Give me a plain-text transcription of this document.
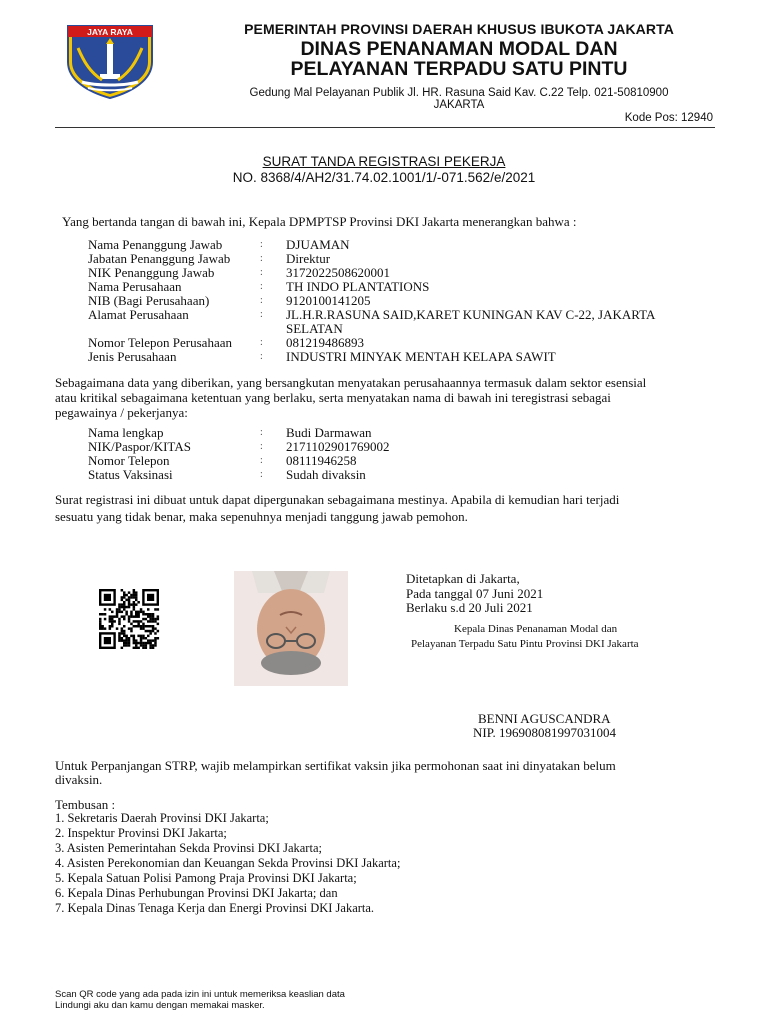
JAYA RAYA	PEMERINTAH PROVINSI DAERAH KHUSUS IBUKOTA JAKARTA
DINAS PENANAMAN MODAL DAN
PELAYANAN TERPADU SATU PINTU
Gedung Mal Pelayanan Publik Jl. HR. Rasuna Said Kav. C.22 Telp. 021-50810900
JAKARTA
Kode Pos: 12940
SURAT TANDA REGISTRASI PEKERJA
NO. 8368/4/AH2/31.74.02.1001/1/-071.562/e/2021
Yang bertanda tangan di bawah ini, Kepala DPMPTSP Provinsi DKI Jakarta menerangkan bahwa :
Nama Penanggung Jawab	:	DJUAMAN
Jabatan Penanggung Jawab	:	Direktur
NIK Penanggung Jawab	:	3172022508620001
Nama Perusahaan	:	TH INDO PLANTATIONS
NIB (Bagi Perusahaan)	:	9120100141205
Alamat Perusahaan	:	JL.H.R.RASUNA SAID,KARET KUNINGAN KAV C-22, JAKARTA
SELATAN
Nomor Telepon Perusahaan	:	081219486893
Jenis Perusahaan	:	INDUSTRI MINYAK MENTAH KELAPA SAWIT
Sebagaimana data yang diberikan, yang bersangkutan menyatakan perusahaannya termasuk dalam sektor esensial
atau kritikal sebagaimana ketentuan yang berlaku, serta menyatakan nama di bawah ini teregistrasi sebagai
pegawainya / pekerjanya:
Nama lengkap	:	Budi Darmawan
NIK/Paspor/KITAS	:	2171102901769002
Nomor Telepon	:	08111946258
Status Vaksinasi	:	Sudah divaksin
Surat registrasi ini dibuat untuk dapat dipergunakan sebagaimana mestinya. Apabila di kemudian hari terjadi
sesuatu yang tidak benar, maka sepenuhnya menjadi tanggung jawab pemohon.
Ditetapkan di Jakarta,
Pada tanggal 07 Juni 2021
Berlaku s.d 20 Juli 2021
Kepala Dinas Penanaman Modal dan
Pelayanan Terpadu Satu Pintu Provinsi DKI Jakarta
BENNI AGUSCANDRA
NIP. 196908081997031004
Untuk Perpanjangan STRP, wajib melampirkan sertifikat vaksin jika permohonan saat ini dinyatakan belum
divaksin.
Tembusan :
1. Sekretaris Daerah Provinsi DKI Jakarta;
2. Inspektur Provinsi DKI Jakarta;
3. Asisten Pemerintahan Sekda Provinsi DKI Jakarta;
4. Asisten Perekonomian dan Keuangan Sekda Provinsi DKI Jakarta;
5. Kepala Satuan Polisi Pamong Praja Provinsi DKI Jakarta;
6. Kepala Dinas Perhubungan Provinsi DKI Jakarta; dan
7. Kepala Dinas Tenaga Kerja dan Energi Provinsi DKI Jakarta.
Scan QR code yang ada pada izin ini untuk memeriksa keaslian data
Lindungi aku dan kamu dengan memakai masker.
